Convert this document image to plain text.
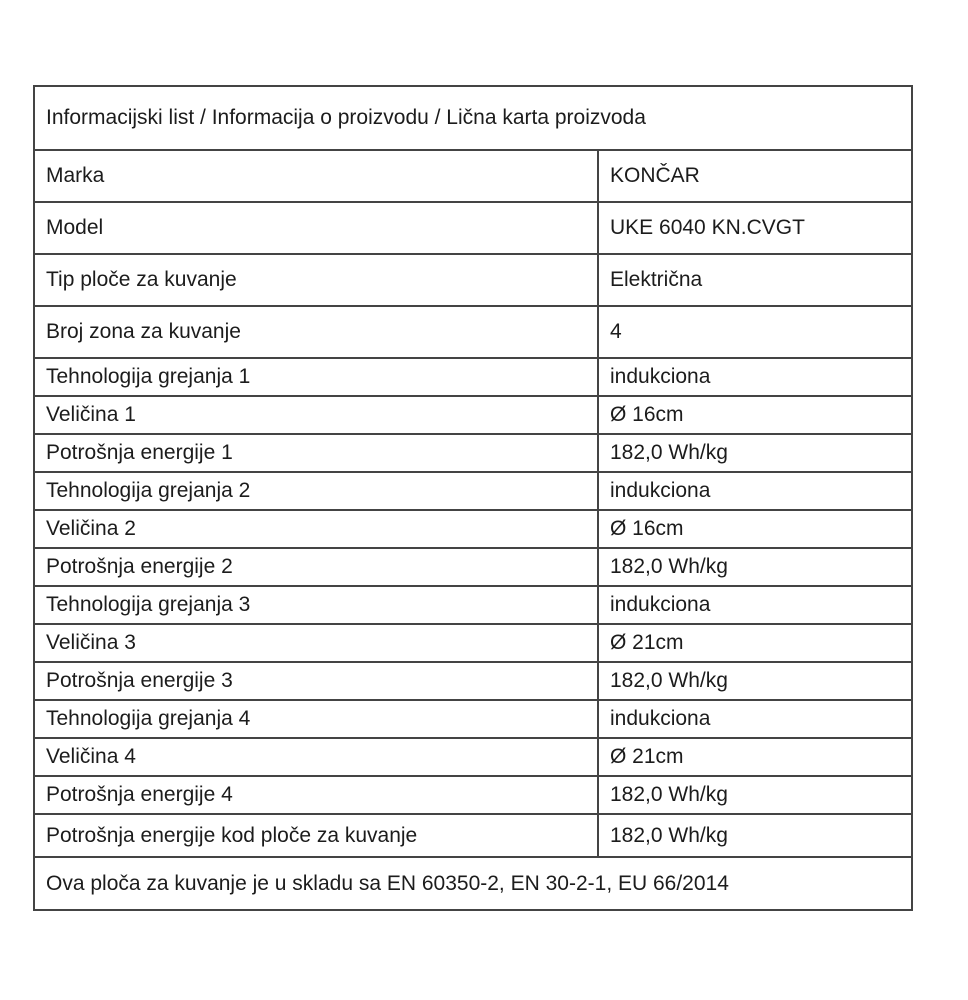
Informacijski list / Informacija o proizvodu / Lična karta proizvoda	
Marka	KONČAR
Model	UKE 6040 KN.CVGT
Tip ploče za kuvanje	Električna
Broj zona za kuvanje	4
Tehnologija grejanja 1	indukciona
Veličina 1	Ø 16cm
Potrošnja energije 1	182,0 Wh/kg
Tehnologija grejanja 2	indukciona
Veličina 2	Ø 16cm
Potrošnja energije 2	182,0 Wh/kg
Tehnologija grejanja 3	indukciona
Veličina 3	Ø 21cm
Potrošnja energije 3	182,0 Wh/kg
Tehnologija grejanja 4	indukciona
Veličina 4	Ø 21cm
Potrošnja energije 4	182,0 Wh/kg
Potrošnja energije kod ploče za kuvanje	182,0 Wh/kg
Ova ploča za kuvanje je u skladu sa EN 60350-2, EN 30-2-1, EU 66/2014	
